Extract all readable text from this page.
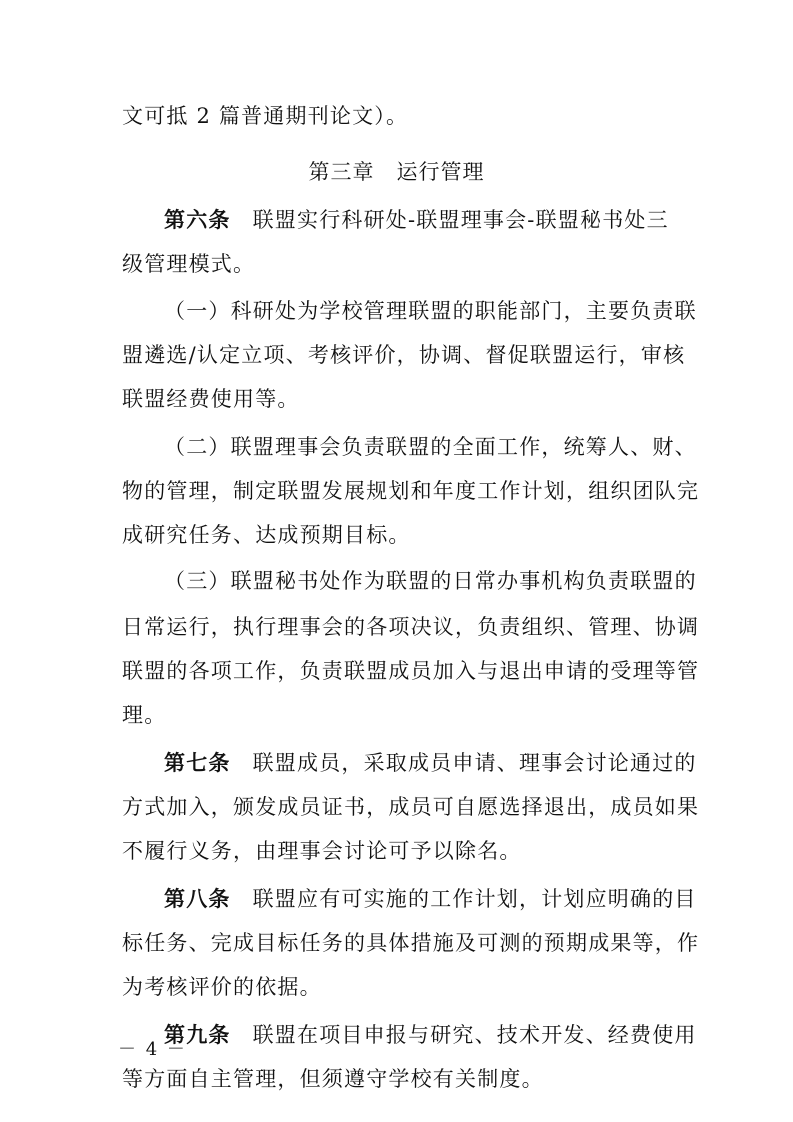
文可抵 2 篇普通期刊论文）。
第三章　运行管理
第六条 联盟实行科研处-联盟理事会-联盟秘书处三
级管理模式。
（一）科研处为学校管理联盟的职能部门，主要负责联
盟遴选/认定立项、考核评价，协调、督促联盟运行，审核
联盟经费使用等。
（二）联盟理事会负责联盟的全面工作，统筹人、财、
物的管理，制定联盟发展规划和年度工作计划，组织团队完
成研究任务、达成预期目标。
（三）联盟秘书处作为联盟的日常办事机构负责联盟的
日常运行，执行理事会的各项决议，负责组织、管理、协调
联盟的各项工作，负责联盟成员加入与退出申请的受理等管
理。
第七条 联盟成员，采取成员申请、理事会讨论通过的
方式加入，颁发成员证书，成员可自愿选择退出，成员如果
不履行义务，由理事会讨论可予以除名。
第八条 联盟应有可实施的工作计划，计划应明确的目
标任务、完成目标任务的具体措施及可测的预期成果等，作
为考核评价的依据。
第九条 联盟在项目申报与研究、技术开发、经费使用
等方面自主管理，但须遵守学校有关制度。
－ 4 －
